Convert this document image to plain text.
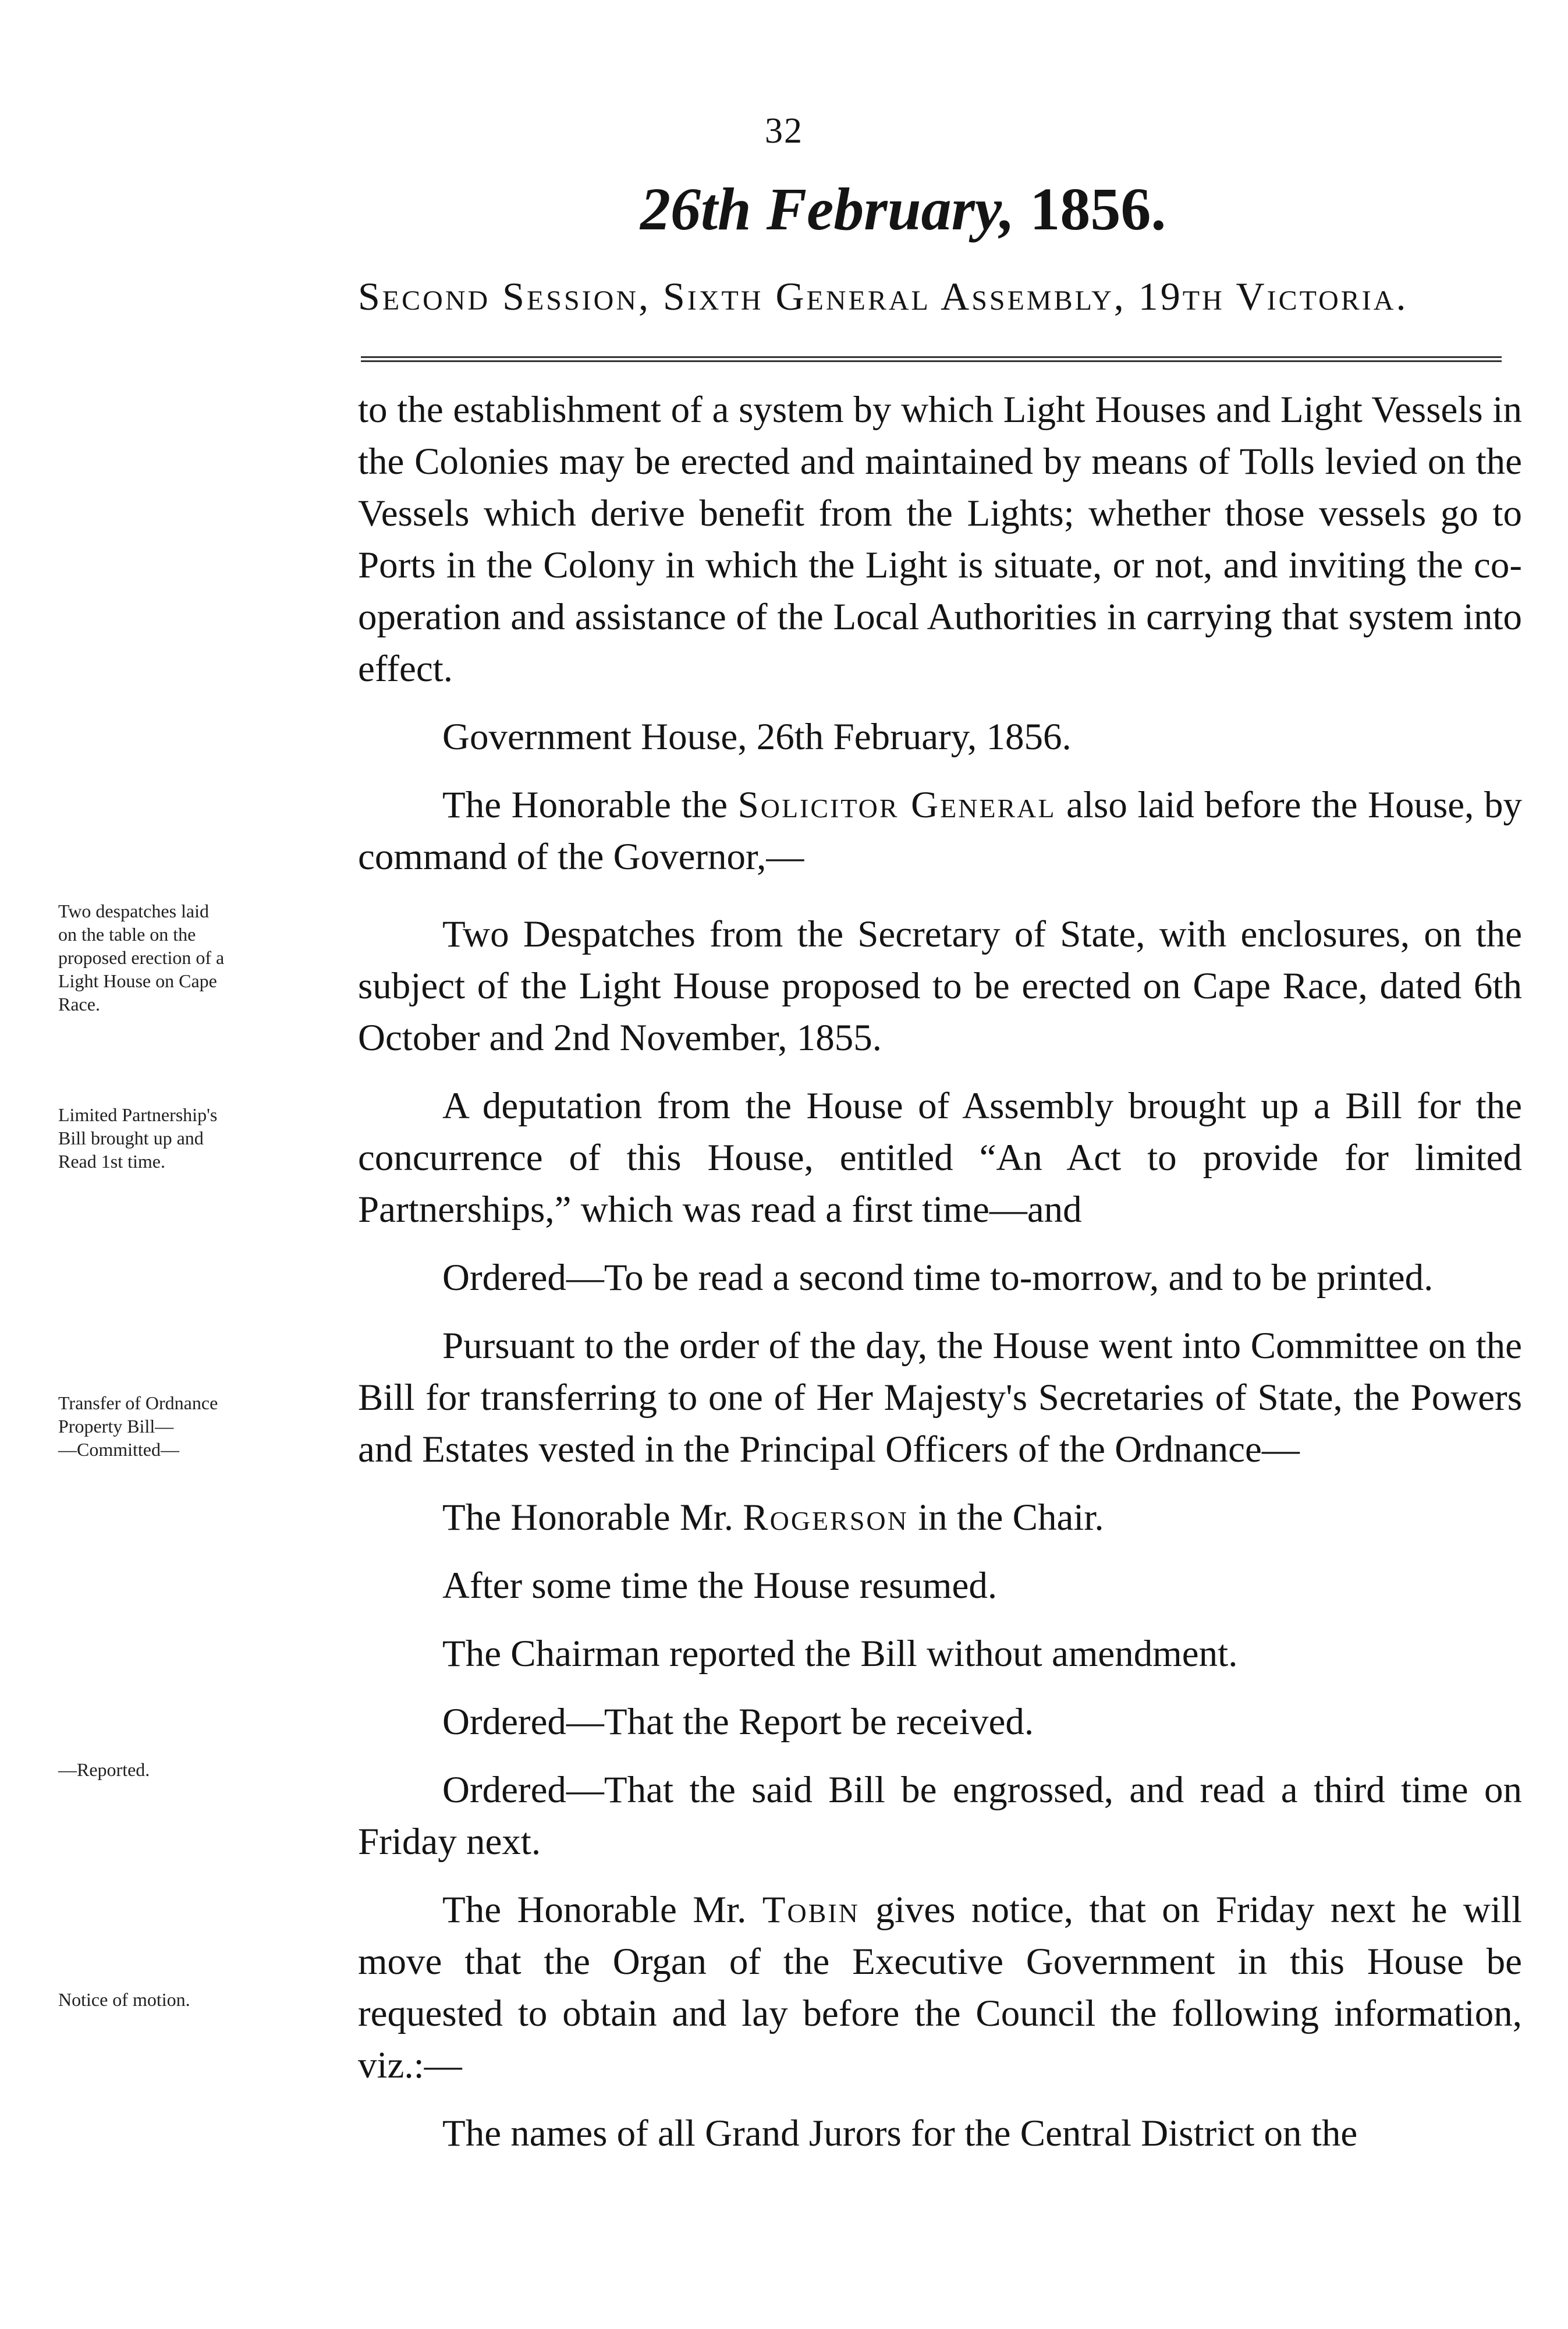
32
26th February, 1856.
Second Session, Sixth General Assembly, 19th Victoria.
Two despatches laid
on the table on the
proposed erection of a
Light House on Cape
Race.
Limited Partnership's
Bill brought up and
Read 1st time.
Transfer of Ordnance
Property Bill—
—Committed—
—Reported.
Notice of motion.

to the establishment of a system by which Light Houses and Light Vessels in the Colonies may be erected and maintained by means of Tolls levied on the Vessels which derive benefit from the Lights; whether those vessels go to Ports in the Colony in which the Light is situate, or not, and inviting the co-operation and assistance of the Local Authorities in carrying that system into effect.

Government House, 26th February, 1856.

The Honorable the Solicitor General also laid before the House, by command of the Governor,—

Two Despatches from the Secretary of State, with enclosures, on the subject of the Light House proposed to be erected on Cape Race, dated 6th October and 2nd November, 1855.

A deputation from the House of Assembly brought up a Bill for the concurrence of this House, entitled “An Act to provide for limited Partnerships,” which was read a first time—and

Ordered—To be read a second time to-morrow, and to be printed.

Pursuant to the order of the day, the House went into Committee on the Bill for transferring to one of Her Majesty's Secretaries of State, the Powers and Estates vested in the Principal Officers of the Ordnance—

The Honorable Mr. Rogerson in the Chair.

After some time the House resumed.

The Chairman reported the Bill without amendment.

Ordered—That the Report be received.

Ordered—That the said Bill be engrossed, and read a third time on Friday next.

The Honorable Mr. Tobin gives notice, that on Friday next he will move that the Organ of the Executive Government in this House be requested to obtain and lay before the Council the following information, viz.:—

The names of all Grand Jurors for the Central District on the
